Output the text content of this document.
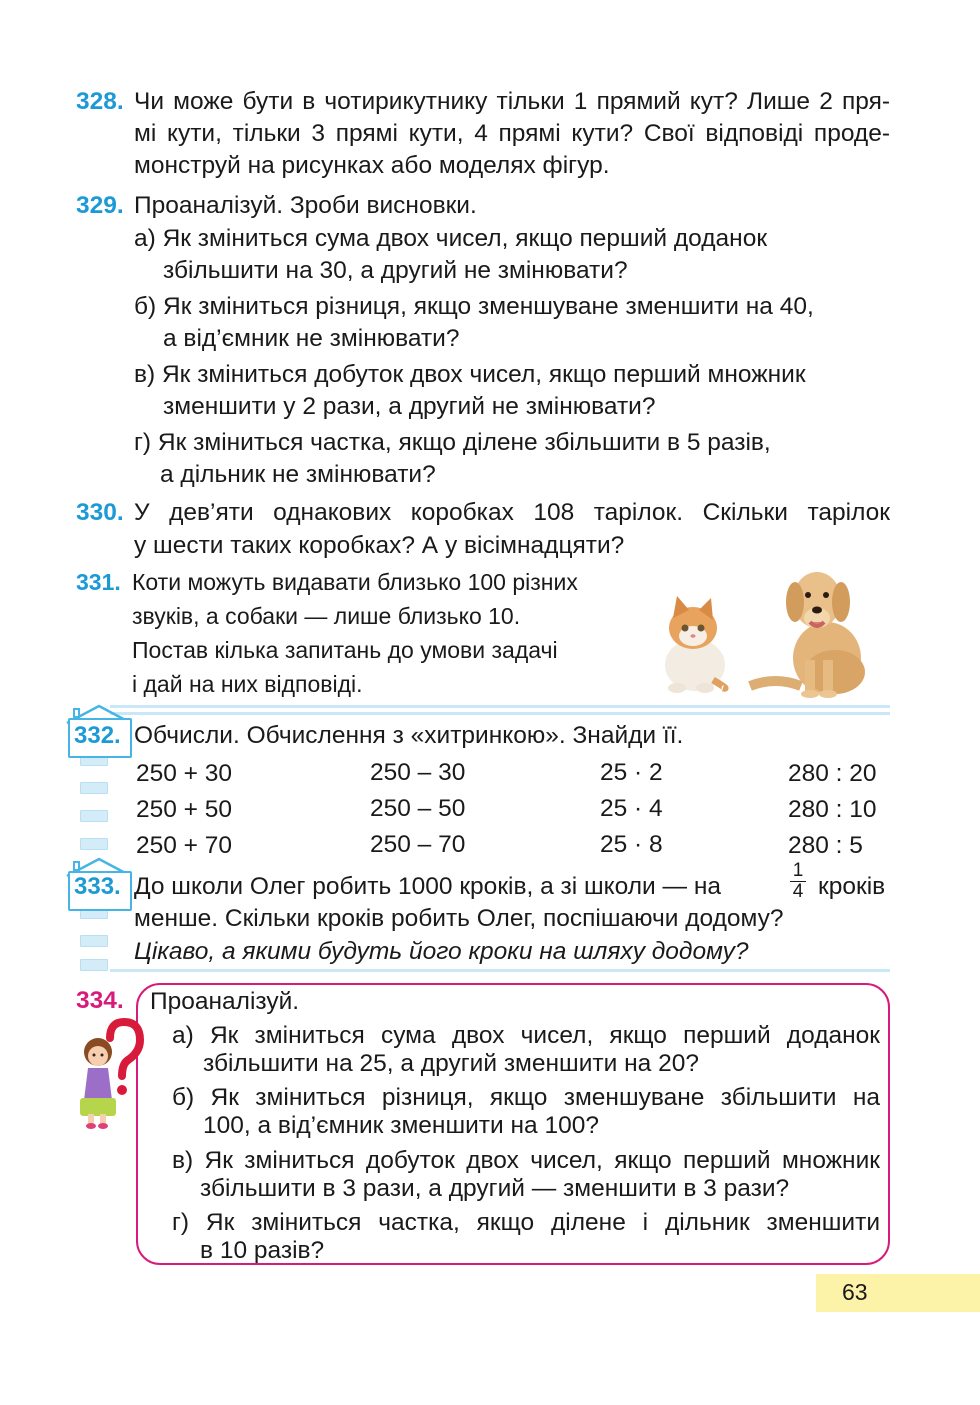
328. Чи може бути в чотирикутнику тільки 1 прямий кут? Лише 2 пря-
мі кути, тільки 3 прямі кути, 4 прямі кути? Свої відповіді проде-
монструй на рисунках або моделях фігур.
329. Проаналізуй. Зроби висновки.
а) Як зміниться сума двох чисел, якщо перший доданок
збільшити на 30, а другий не змінювати?
б) Як зміниться різниця, якщо зменшуване зменшити на 40,
а від’ємник не змінювати?
в) Як зміниться добуток двох чисел, якщо перший множник
зменшити у 2 рази, а другий не змінювати?
г) Як зміниться частка, якщо ділене збільшити в 5 разів,
а дільник не змінювати?
330. У дев’яти однакових коробках 108 тарілок. Скільки тарілок
у шести таких коробках? А у вісімнадцяти?
331. Коти можуть видавати близько 100 різних
звуків, а собаки — лише близько 10.
Постав кілька запитань до умови задачі
і дай на них відповіді.
332. Обчисли. Обчислення з «хитринкою». Знайди її.
250 + 30
250 + 50
250 + 70
250 – 30
250 – 50
250 – 70
25 · 2
25 · 4
25 · 8
280 : 20
280 : 10
280 : 5
333. До школи Олег робить 1000 кроків, а зі школи — на
1
4 кроків
менше. Скільки кроків робить Олег, поспішаючи додому?
Цікаво, а якими будуть його кроки на шляху додому?
334. Проаналізуй.
а) Як зміниться сума двох чисел, якщо перший доданок
збільшити на 25, а другий зменшити на 20?
б) Як зміниться різниця, якщо зменшуване збільшити на
100, а від’ємник зменшити на 100?
в) Як зміниться добуток двох чисел, якщо перший множник
збільшити в 3 рази, а другий — зменшити в 3 рази?
г) Як зміниться частка, якщо ділене і дільник зменшити
в 10 разів?
63
